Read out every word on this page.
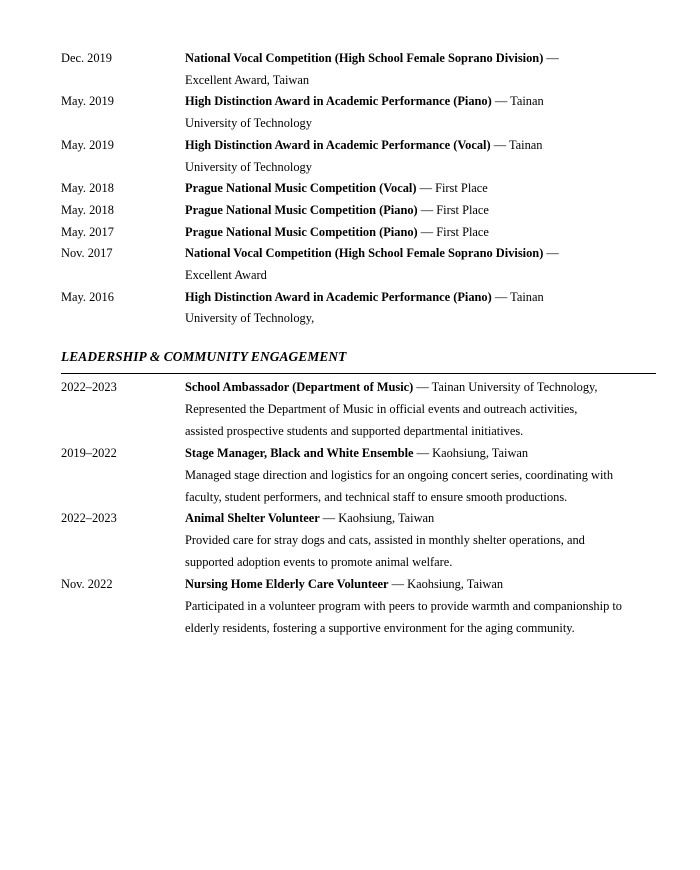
Dec. 2019	National Vocal Competition (High School Female Soprano Division) —
Excellent Award, Taiwan
May. 2019	High Distinction Award in Academic Performance (Piano) — Tainan
University of Technology
May. 2019	High Distinction Award in Academic Performance (Vocal) — Tainan
University of Technology
May. 2018	Prague National Music Competition (Vocal) — First Place
May. 2018	Prague National Music Competition (Piano) — First Place
May. 2017	Prague National Music Competition (Piano) — First Place
Nov. 2017	National Vocal Competition (High School Female Soprano Division) —
Excellent Award
May. 2016	High Distinction Award in Academic Performance (Piano) — Tainan
University of Technology,
LEADERSHIP & COMMUNITY ENGAGEMENT
2022–2023	School Ambassador (Department of Music) — Tainan University of Technology,
Represented the Department of Music in official events and outreach activities,
assisted prospective students and supported departmental initiatives.
2019–2022	Stage Manager, Black and White Ensemble — Kaohsiung, Taiwan
Managed stage direction and logistics for an ongoing concert series, coordinating with
faculty, student performers, and technical staff to ensure smooth productions.
2022–2023	Animal Shelter Volunteer — Kaohsiung, Taiwan
Provided care for stray dogs and cats, assisted in monthly shelter operations, and
supported adoption events to promote animal welfare.
Nov. 2022	Nursing Home Elderly Care Volunteer — Kaohsiung, Taiwan
Participated in a volunteer program with peers to provide warmth and companionship to
elderly residents, fostering a supportive environment for the aging community.
